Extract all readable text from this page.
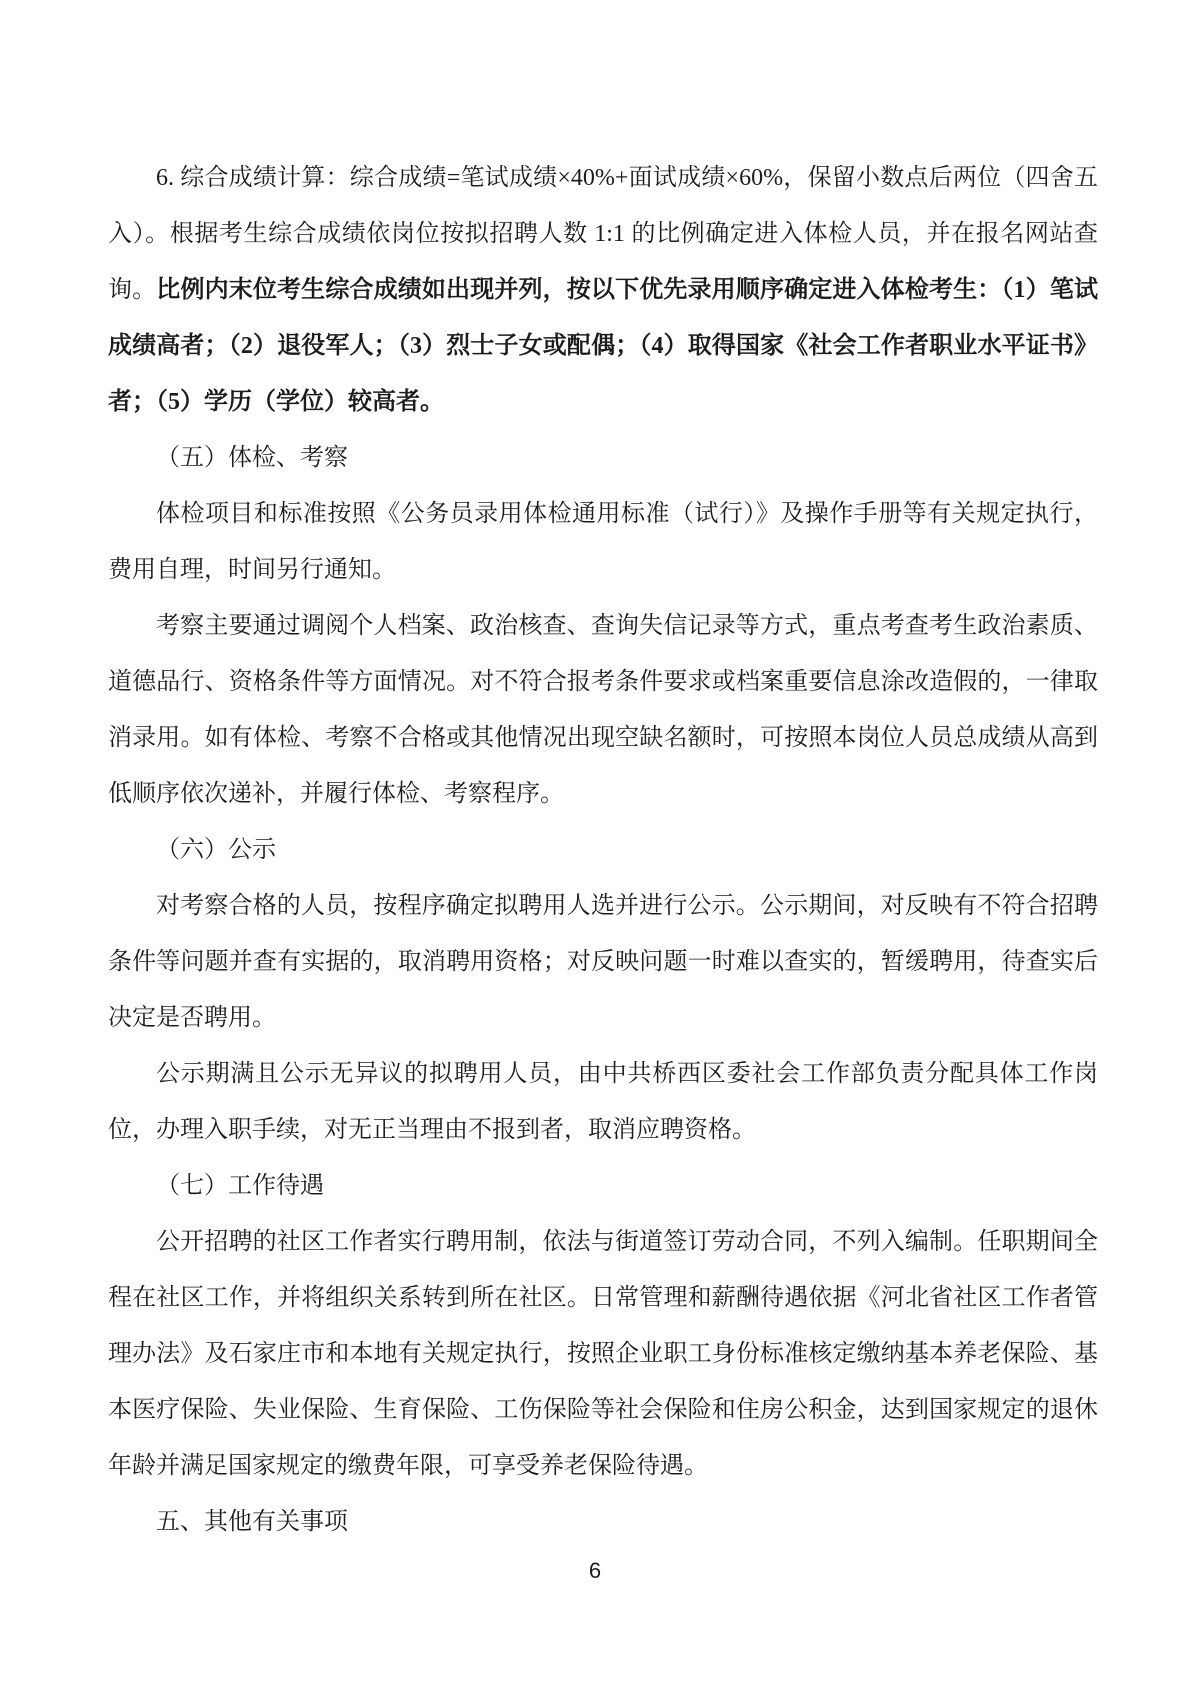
6. 综合成绩计算：综合成绩=笔试成绩×40%+面试成绩×60%，保留小数点后两位（四舍五入）。根据考生综合成绩依岗位按拟招聘人数 1:1 的比例确定进入体检人员，并在报名网站查询。比例内末位考生综合成绩如出现并列，按以下优先录用顺序确定进入体检考生：（1）笔试成绩高者；（2）退役军人；（3）烈士子女或配偶；（4）取得国家《社会工作者职业水平证书》者；（5）学历（学位）较高者。

（五）体检、考察

体检项目和标准按照《公务员录用体检通用标准（试行）》及操作手册等有关规定执行，费用自理，时间另行通知。

考察主要通过调阅个人档案、政治核查、查询失信记录等方式，重点考查考生政治素质、道德品行、资格条件等方面情况。对不符合报考条件要求或档案重要信息涂改造假的，一律取消录用。如有体检、考察不合格或其他情况出现空缺名额时，可按照本岗位人员总成绩从高到低顺序依次递补，并履行体检、考察程序。

（六）公示

对考察合格的人员，按程序确定拟聘用人选并进行公示。公示期间，对反映有不符合招聘条件等问题并查有实据的，取消聘用资格；对反映问题一时难以查实的，暂缓聘用，待查实后决定是否聘用。

公示期满且公示无异议的拟聘用人员，由中共桥西区委社会工作部负责分配具体工作岗位，办理入职手续，对无正当理由不报到者，取消应聘资格。

（七）工作待遇

公开招聘的社区工作者实行聘用制，依法与街道签订劳动合同，不列入编制。任职期间全程在社区工作，并将组织关系转到所在社区。日常管理和薪酬待遇依据《河北省社区工作者管理办法》及石家庄市和本地有关规定执行，按照企业职工身份标准核定缴纳基本养老保险、基本医疗保险、失业保险、生育保险、工伤保险等社会保险和住房公积金，达到国家规定的退休年龄并满足国家规定的缴费年限，可享受养老保险待遇。

五、其他有关事项

6
